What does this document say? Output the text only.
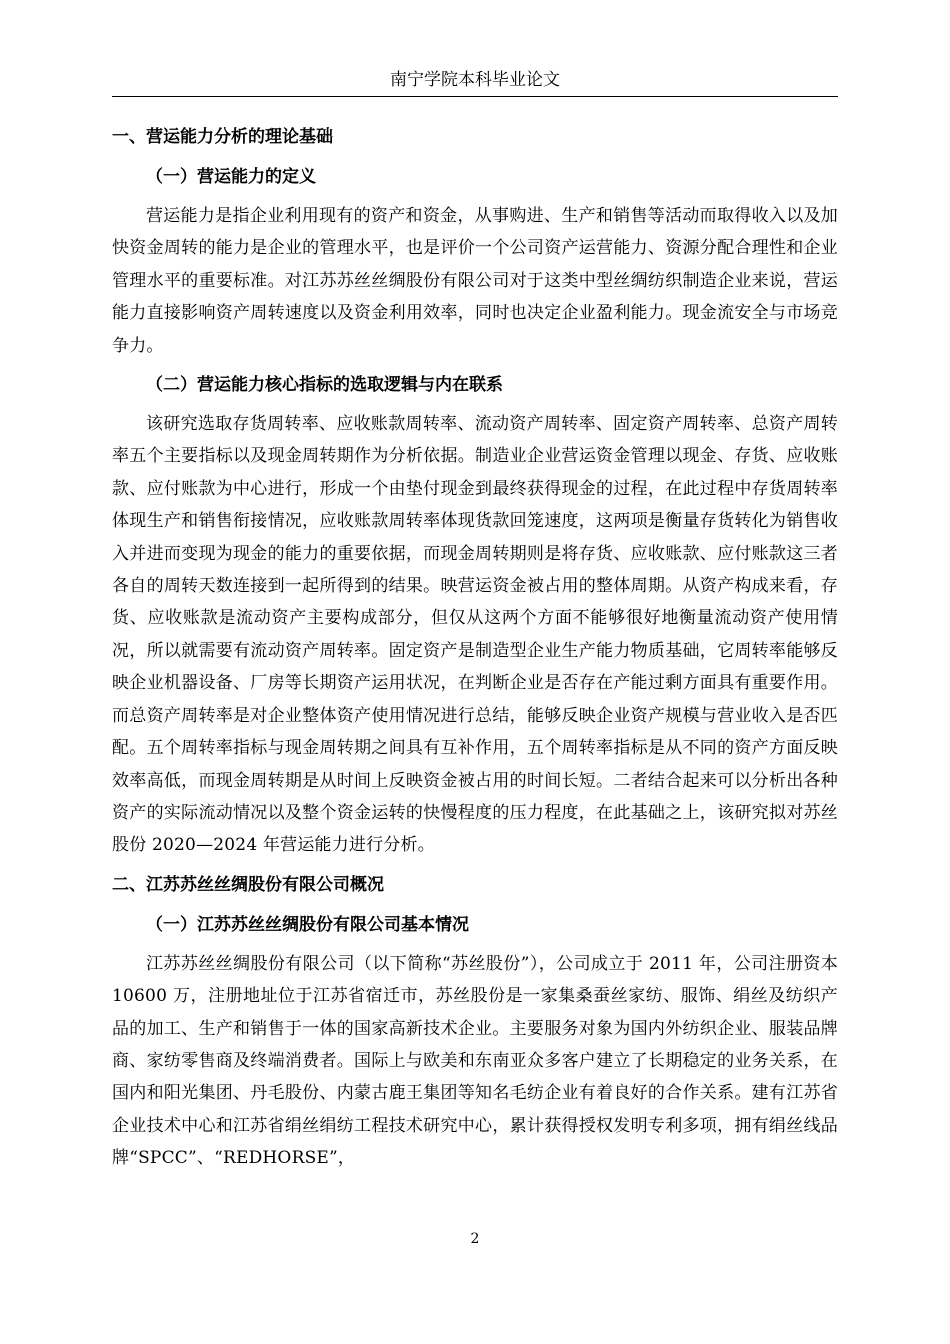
南宁学院本科毕业论文
一、营运能力分析的理论基础
（一）营运能力的定义

营运能力是指企业利用现有的资产和资金，从事购进、生产和销售等活动而取得收入以及加快资金周转的能力是企业的管理水平，也是评价一个公司资产运营能力、资源分配合理性和企业管理水平的重要标准。对江苏苏丝丝绸股份有限公司对于这类中型丝绸纺织制造企业来说，营运能力直接影响资产周转速度以及资金利用效率，同时也决定企业盈利能力。现金流安全与市场竞争力。

（二）营运能力核心指标的选取逻辑与内在联系

该研究选取存货周转率、应收账款周转率、流动资产周转率、固定资产周转率、总资产周转率五个主要指标以及现金周转期作为分析依据。制造业企业营运资金管理以现金、存货、应收账款、应付账款为中心进行，形成一个由垫付现金到最终获得现金的过程，在此过程中存货周转率体现生产和销售衔接情况，应收账款周转率体现货款回笼速度，这两项是衡量存货转化为销售收入并进而变现为现金的能力的重要依据，而现金周转期则是将存货、应收账款、应付账款这三者各自的周转天数连接到一起所得到的结果。映营运资金被占用的整体周期。从资产构成来看，存货、应收账款是流动资产主要构成部分，但仅从这两个方面不能够很好地衡量流动资产使用情况，所以就需要有流动资产周转率。固定资产是制造型企业生产能力物质基础，它周转率能够反映企业机器设备、厂房等长期资产运用状况，在判断企业是否存在产能过剩方面具有重要作用。而总资产周转率是对企业整体资产使用情况进行总结，能够反映企业资产规模与营业收入是否匹配。五个周转率指标与现金周转期之间具有互补作用，五个周转率指标是从不同的资产方面反映效率高低，而现金周转期是从时间上反映资金被占用的时间长短。二者结合起来可以分析出各种资产的实际流动情况以及整个资金运转的快慢程度的压力程度，在此基础之上，该研究拟对苏丝股份 2020—2024 年营运能力进行分析。

二、江苏苏丝丝绸股份有限公司概况
（一）江苏苏丝丝绸股份有限公司基本情况

江苏苏丝丝绸股份有限公司（以下简称“苏丝股份”），公司成立于 2011 年，公司注册资本 10600 万，注册地址位于江苏省宿迁市，苏丝股份是一家集桑蚕丝家纺、服饰、绢丝及纺织产品的加工、生产和销售于一体的国家高新技术企业。主要服务对象为国内外纺织企业、服装品牌商、家纺零售商及终端消费者。国际上与欧美和东南亚众多客户建立了长期稳定的业务关系，在国内和阳光集团、丹毛股份、内蒙古鹿王集团等知名毛纺企业有着良好的合作关系。建有江苏省企业技术中心和江苏省绢丝绢纺工程技术研究中心，累计获得授权发明专利多项，拥有绢丝线品牌“SPCC”、“REDHORSE”，

2
